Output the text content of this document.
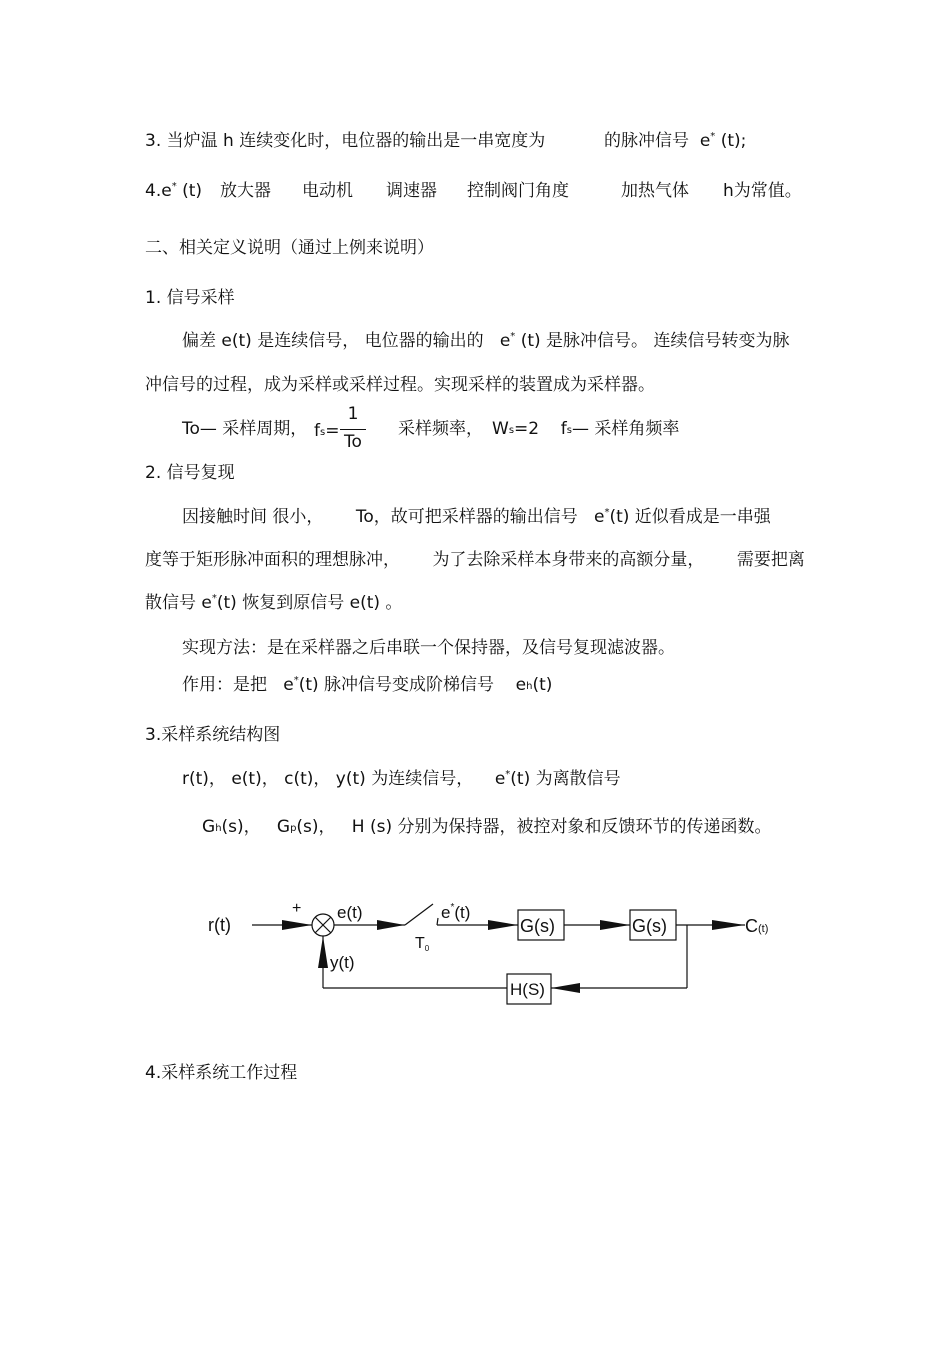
3. 当炉温 h 连续变化时，电位器的输出是一串宽度为	的脉冲信号 e* (t);
4.e* (t) 放大器 电动机 调速器 控制阀门角度	加热气体 h为常值。
二、相关定义说明（通过上例来说明）
1. 信号采样
偏差 e(t) 是连续信号， 电位器的输出的 e* (t) 是脉冲信号。 连续信号转变为脉
冲信号的过程，成为采样或采样过程。实现采样的装置成为采样器。
To— 采样周期， $f_s=$
1
To
采样频率， $W_s=2$ $f_s—$ 采样角频率
2. 信号复现
因接触时间 很小， To，故可把采样器的输出信号 e*(t) 近似看成是一串强
度等于矩形脉冲面积的理想脉冲， 为了去除采样本身带来的高额分量， 需要把离
散信号 e*(t) 恢复到原信号 e(t) 。
实现方法：是在采样器之后串联一个保持器，及信号复现滤波器。
作用：是把 e*(t) 脉冲信号变成阶梯信号 $e_h(t)$
3.采样系统结构图
r(t)， e(t)， c(t)， y(t) 为连续信号， e*(t) 为离散信号
$G_h(s)$， $G_p(s)$， H (s) 分别为保持器，被控对象和反馈环节的传递函数。
r(t)
+ e(t)	e*(t)
T0
y(t)
G(s)	G(s)	C(t)
H(S)
4.采样系统工作过程
